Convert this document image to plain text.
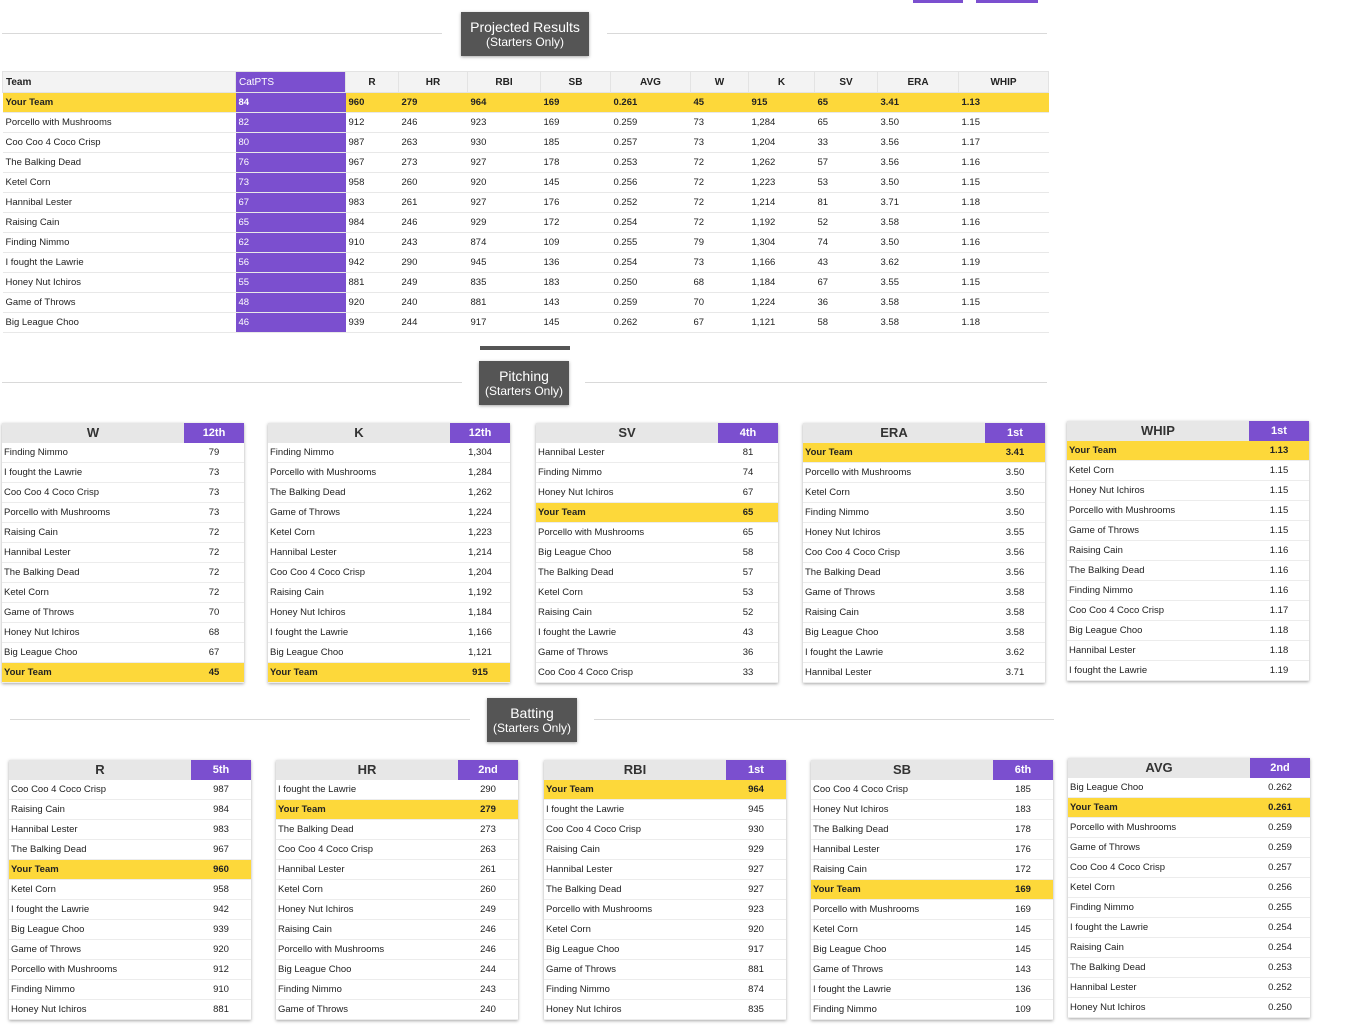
Projected Results
(Starters Only)
Team	CatPTS	R	HR	RBI	SB	AVG	W	K	SV	ERA	WHIP
Your Team	84	960	279	964	169	0.261	45	915	65	3.41	1.13
Porcello with Mushrooms	82	912	246	923	169	0.259	73	1,284	65	3.50	1.15
Coo Coo 4 Coco Crisp	80	987	263	930	185	0.257	73	1,204	33	3.56	1.17
The Balking Dead	76	967	273	927	178	0.253	72	1,262	57	3.56	1.16
Ketel Corn	73	958	260	920	145	0.256	72	1,223	53	3.50	1.15
Hannibal Lester	67	983	261	927	176	0.252	72	1,214	81	3.71	1.18
Raising Cain	65	984	246	929	172	0.254	72	1,192	52	3.58	1.16
Finding Nimmo	62	910	243	874	109	0.255	79	1,304	74	3.50	1.16
I fought the Lawrie	56	942	290	945	136	0.254	73	1,166	43	3.62	1.19
Honey Nut Ichiros	55	881	249	835	183	0.250	68	1,184	67	3.55	1.15
Game of Throws	48	920	240	881	143	0.259	70	1,224	36	3.58	1.15
Big League Choo	46	939	244	917	145	0.262	67	1,121	58	3.58	1.18
Pitching
(Starters Only)
W	12th
Finding Nimmo	79
I fought the Lawrie	73
Coo Coo 4 Coco Crisp	73
Porcello with Mushrooms	73
Raising Cain	72
Hannibal Lester	72
The Balking Dead	72
Ketel Corn	72
Game of Throws	70
Honey Nut Ichiros	68
Big League Choo	67
Your Team	45
K	12th
Finding Nimmo	1,304
Porcello with Mushrooms	1,284
The Balking Dead	1,262
Game of Throws	1,224
Ketel Corn	1,223
Hannibal Lester	1,214
Coo Coo 4 Coco Crisp	1,204
Raising Cain	1,192
Honey Nut Ichiros	1,184
I fought the Lawrie	1,166
Big League Choo	1,121
Your Team	915
SV	4th
Hannibal Lester	81
Finding Nimmo	74
Honey Nut Ichiros	67
Your Team	65
Porcello with Mushrooms	65
Big League Choo	58
The Balking Dead	57
Ketel Corn	53
Raising Cain	52
I fought the Lawrie	43
Game of Throws	36
Coo Coo 4 Coco Crisp	33
ERA	1st
Your Team	3.41
Porcello with Mushrooms	3.50
Ketel Corn	3.50
Finding Nimmo	3.50
Honey Nut Ichiros	3.55
Coo Coo 4 Coco Crisp	3.56
The Balking Dead	3.56
Game of Throws	3.58
Raising Cain	3.58
Big League Choo	3.58
I fought the Lawrie	3.62
Hannibal Lester	3.71
WHIP	1st
Your Team	1.13
Ketel Corn	1.15
Honey Nut Ichiros	1.15
Porcello with Mushrooms	1.15
Game of Throws	1.15
Raising Cain	1.16
The Balking Dead	1.16
Finding Nimmo	1.16
Coo Coo 4 Coco Crisp	1.17
Big League Choo	1.18
Hannibal Lester	1.18
I fought the Lawrie	1.19
Batting
(Starters Only)
R	5th
Coo Coo 4 Coco Crisp	987
Raising Cain	984
Hannibal Lester	983
The Balking Dead	967
Your Team	960
Ketel Corn	958
I fought the Lawrie	942
Big League Choo	939
Game of Throws	920
Porcello with Mushrooms	912
Finding Nimmo	910
Honey Nut Ichiros	881
HR	2nd
I fought the Lawrie	290
Your Team	279
The Balking Dead	273
Coo Coo 4 Coco Crisp	263
Hannibal Lester	261
Ketel Corn	260
Honey Nut Ichiros	249
Raising Cain	246
Porcello with Mushrooms	246
Big League Choo	244
Finding Nimmo	243
Game of Throws	240
RBI	1st
Your Team	964
I fought the Lawrie	945
Coo Coo 4 Coco Crisp	930
Raising Cain	929
Hannibal Lester	927
The Balking Dead	927
Porcello with Mushrooms	923
Ketel Corn	920
Big League Choo	917
Game of Throws	881
Finding Nimmo	874
Honey Nut Ichiros	835
SB	6th
Coo Coo 4 Coco Crisp	185
Honey Nut Ichiros	183
The Balking Dead	178
Hannibal Lester	176
Raising Cain	172
Your Team	169
Porcello with Mushrooms	169
Ketel Corn	145
Big League Choo	145
Game of Throws	143
I fought the Lawrie	136
Finding Nimmo	109
AVG	2nd
Big League Choo	0.262
Your Team	0.261
Porcello with Mushrooms	0.259
Game of Throws	0.259
Coo Coo 4 Coco Crisp	0.257
Ketel Corn	0.256
Finding Nimmo	0.255
I fought the Lawrie	0.254
Raising Cain	0.254
The Balking Dead	0.253
Hannibal Lester	0.252
Honey Nut Ichiros	0.250
